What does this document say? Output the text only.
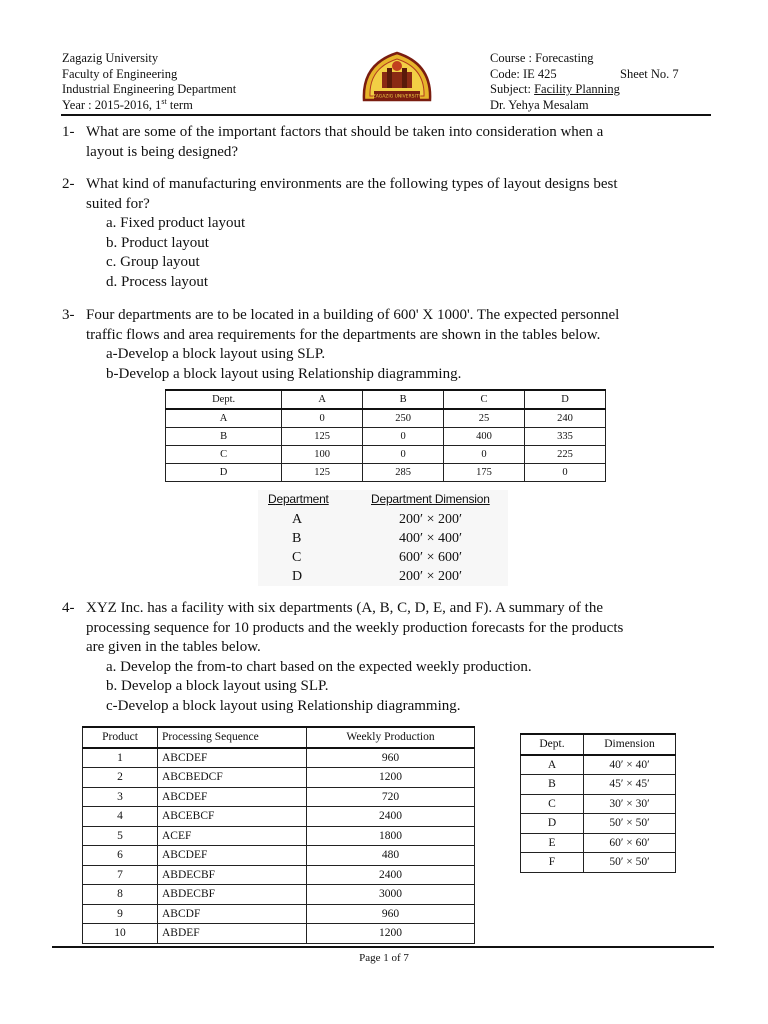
Zagazig University
Faculty of Engineering
Industrial Engineering Department
Year : 2015-2016, 1st term
ZAGAZIG UNIVERSITY
Course : Forecasting
Code: IE 425	Sheet No. 7
Subject: Facility Planning
Dr. Yehya Mesalam
1- What are some of the important factors that should be taken into consideration when a
layout is being designed?
2- What kind of manufacturing environments are the following types of layout designs best
suited for?
a. Fixed product layout
b. Product layout
c. Group layout
d. Process layout
3- Four departments are to be located in a building of 600' X 1000'. The expected personnel
traffic flows and area requirements for the departments are shown in the tables below.
a-Develop a block layout using SLP.
b-Develop a block layout using Relationship diagramming.
Dept.	A	B	C	D
A	0	250	25	240
B	125	0	400	335
C	100	0	0	225
D	125	285	175	0
Department	Department Dimension
A	200′ × 200′
B	400′ × 400′
C	600′ × 600′
D	200′ × 200′
4- XYZ Inc. has a facility with six departments (A, B, C, D, E, and F). A summary of the
processing sequence for 10 products and the weekly production forecasts for the products
are given in the tables below.
a. Develop the from-to chart based on the expected weekly production.
b. Develop a block layout using SLP.
c-Develop a block layout using Relationship diagramming.
Product	Processing Sequence	Weekly Production
1	ABCDEF	960
2	ABCBEDCF	1200
3	ABCDEF	720
4	ABCEBCF	2400
5	ACEF	1800
6	ABCDEF	480
7	ABDECBF	2400
8	ABDECBF	3000
9	ABCDF	960
10	ABDEF	1200
Dept.	Dimension
A	40′ × 40′
B	45′ × 45′
C	30′ × 30′
D	50′ × 50′
E	60′ × 60′
F	50′ × 50′
Page 1 of 7
